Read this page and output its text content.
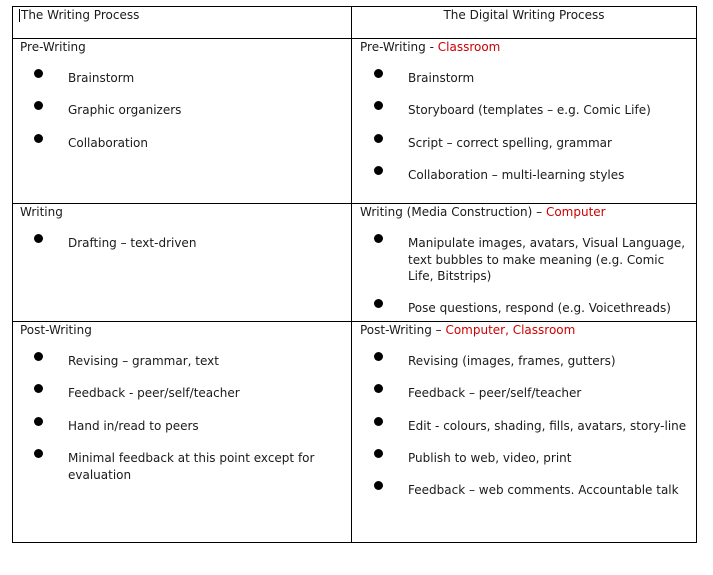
The Writing Process	The Digital Writing Process
Pre-Writing
Brainstorm
Graphic organizers
Collaboration
Pre-Writing - Classroom
Brainstorm
Storyboard (templates – e.g. Comic Life)
Script – correct spelling, grammar
Collaboration – multi-learning styles
Writing
Drafting – text-driven
Writing (Media Construction) – Computer
Manipulate images, avatars, Visual Language, text bubbles to make meaning (e.g. Comic Life, Bitstrips)
Pose questions, respond (e.g. Voicethreads)
Post-Writing
Revising – grammar, text
Feedback - peer/self/teacher
Hand in/read to peers
Minimal feedback at this point except for evaluation
Post-Writing – Computer, Classroom
Revising (images, frames, gutters)
Feedback – peer/self/teacher
Edit - colours, shading, fills, avatars, story-line
Publish to web, video, print
Feedback – web comments. Accountable talk
